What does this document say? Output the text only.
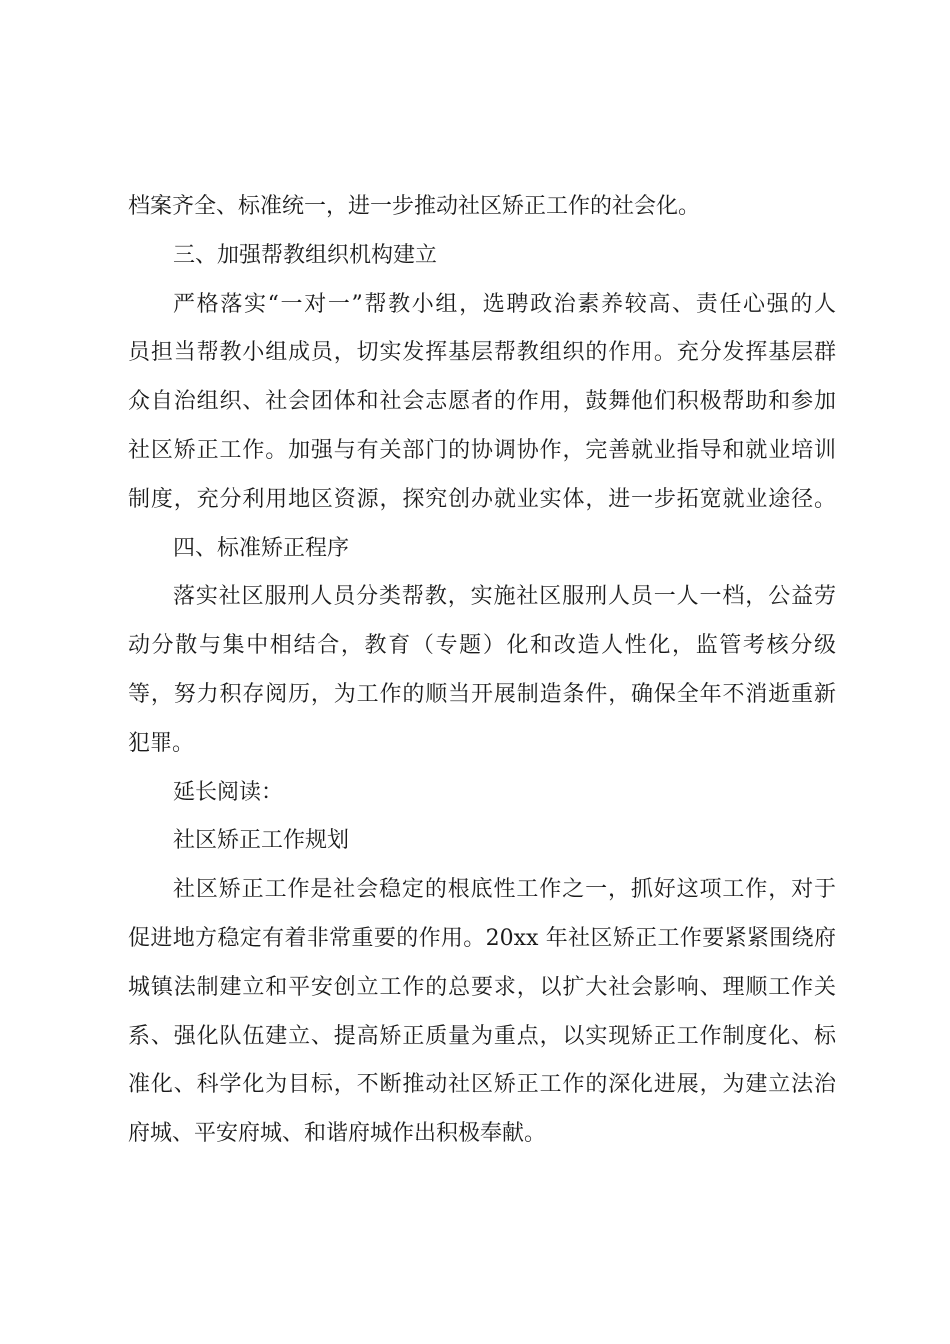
档案齐全、标准统一，进一步推动社区矫正工作的社会化。
三、加强帮教组织机构建立
严格落实“一对一”帮教小组，选聘政治素养较高、责任心强的人
员担当帮教小组成员，切实发挥基层帮教组织的作用。充分发挥基层群
众自治组织、社会团体和社会志愿者的作用，鼓舞他们积极帮助和参加
社区矫正工作。加强与有关部门的协调协作，完善就业指导和就业培训
制度，充分利用地区资源，探究创办就业实体，进一步拓宽就业途径。
四、标准矫正程序
落实社区服刑人员分类帮教，实施社区服刑人员一人一档，公益劳
动分散与集中相结合，教育（专题）化和改造人性化，监管考核分级
等，努力积存阅历，为工作的顺当开展制造条件，确保全年不消逝重新
犯罪。
延长阅读：
社区矫正工作规划
社区矫正工作是社会稳定的根底性工作之一，抓好这项工作，对于
促进地方稳定有着非常重要的作用。20xx 年社区矫正工作要紧紧围绕府
城镇法制建立和平安创立工作的总要求，以扩大社会影响、理顺工作关
系、强化队伍建立、提高矫正质量为重点，以实现矫正工作制度化、标
准化、科学化为目标，不断推动社区矫正工作的深化进展，为建立法治
府城、平安府城、和谐府城作出积极奉献。
